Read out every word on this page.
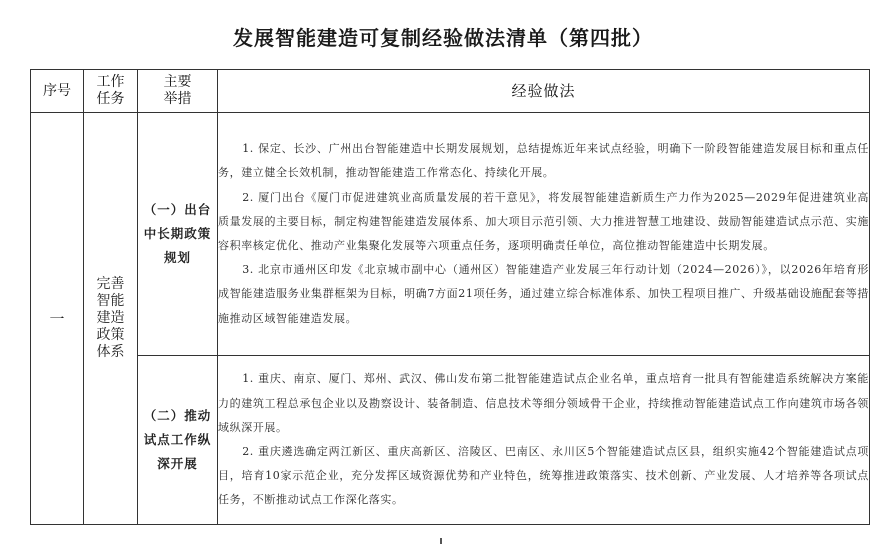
发展智能建造可复制经验做法清单（第四批）
序号	工作任务	主要举措	经验做法
一	完善智能建造政策体系	（一）出台中长期政策规划	1. 保定、长沙、广州出台智能建造中长期发展规划，总结提炼近年来试点经验，明确下一阶段智能建造发展目标和重点任务，建立健全长效机制，推动智能建造工作常态化、持续化开展。

2. 厦门出台《厦门市促进建筑业高质量发展的若干意见》，将发展智能建造新质生产力作为2025—2029年促进建筑业高质量发展的主要目标，制定构建智能建造发展体系、加大项目示范引领、大力推进智慧工地建设、鼓励智能建造试点示范、实施容积率核定优化、推动产业集聚化发展等六项重点任务，逐项明确责任单位，高位推动智能建造中长期发展。

3. 北京市通州区印发《北京城市副中心（通州区）智能建造产业发展三年行动计划（2024—2026）》，以2026年培育形成智能建造服务业集群框架为目标，明确7方面21项任务，通过建立综合标准体系、加快工程项目推广、升级基础设施配套等措施推动区域智能建造发展。

		（二）推动试点工作纵深开展	1. 重庆、南京、厦门、郑州、武汉、佛山发布第二批智能建造试点企业名单，重点培育一批具有智能建造系统解决方案能力的建筑工程总承包企业以及勘察设计、装备制造、信息技术等细分领域骨干企业，持续推动智能建造试点工作向建筑市场各领域纵深开展。

2. 重庆遴选确定两江新区、重庆高新区、涪陵区、巴南区、永川区5个智能建造试点区县，组织实施42个智能建造试点项目，培育10家示范企业，充分发挥区域资源优势和产业特色，统筹推进政策落实、技术创新、产业发展、人才培养等各项试点任务，不断推动试点工作深化落实。
